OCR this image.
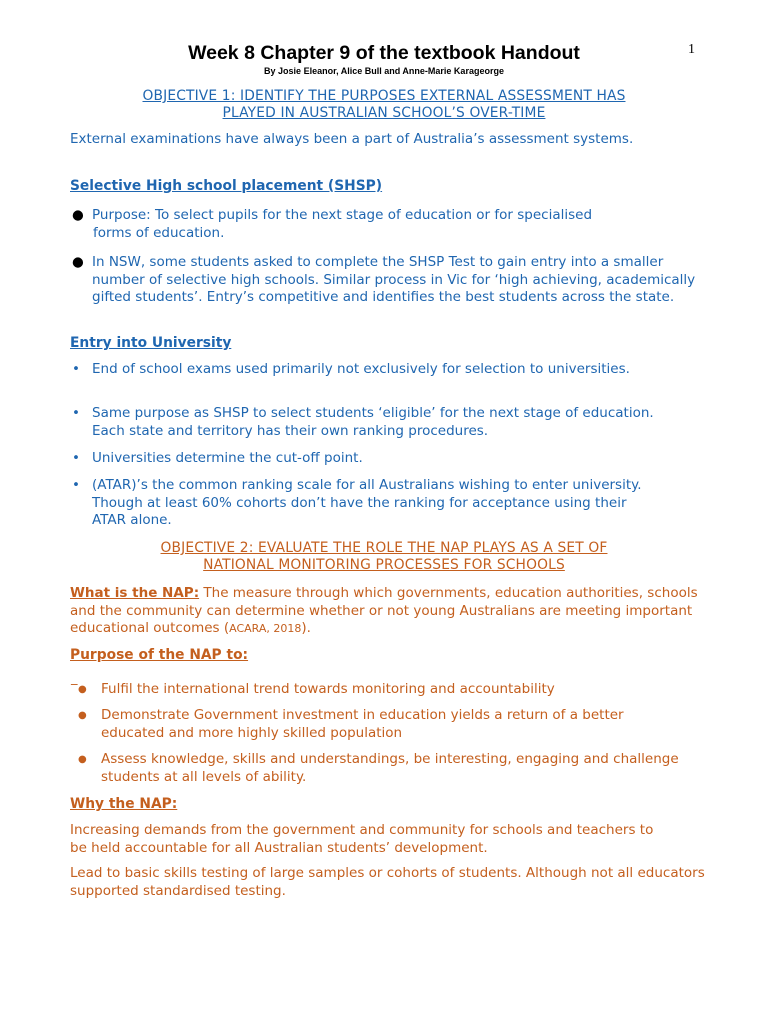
1
Week 8 Chapter 9 of the textbook Handout
By Josie Eleanor, Alice Bull and Anne-Marie Karageorge
OBJECTIVE 1: IDENTIFY THE PURPOSES EXTERNAL ASSESSMENT HAS
PLAYED IN AUSTRALIAN SCHOOL’S OVER-TIME
External examinations have always been a part of Australia’s assessment systems.
Selective High school placement (SHSP)
● Purpose: To select pupils for the next stage of education or for specialised
forms of education.
● In NSW, some students asked to complete the SHSP Test to gain entry into a smaller number of selective high schools. Similar process in Vic for ‘high achieving, academically gifted students’. Entry’s competitive and identifies the best students across the state.
Entry into University
• End of school exams used primarily not exclusively for selection to universities.
• Same purpose as SHSP to select students ‘eligible’ for the next stage of education. Each state and territory has their own ranking procedures.
• Universities determine the cut-off point.
• (ATAR)’s the common ranking scale for all Australians wishing to enter university. Though at least 60% cohorts don’t have the ranking for acceptance using their ATAR alone.
OBJECTIVE 2: EVALUATE THE ROLE THE NAP PLAYS AS A SET OF
NATIONAL MONITORING PROCESSES FOR SCHOOLS
What is the NAP: The measure through which governments, education authorities, schools and the community can determine whether or not young Australians are meeting important educational outcomes (ACARA, 2018).
Purpose of the NAP to:
_
● Fulfil the international trend towards monitoring and accountability
● Demonstrate Government investment in education yields a return of a better educated and more highly skilled population
● Assess knowledge, skills and understandings, be interesting, engaging and challenge students at all levels of ability.
Why the NAP:
Increasing demands from the government and community for schools and teachers to be held accountable for all Australian students’ development.
Lead to basic skills testing of large samples or cohorts of students. Although not all educators supported standardised testing.
